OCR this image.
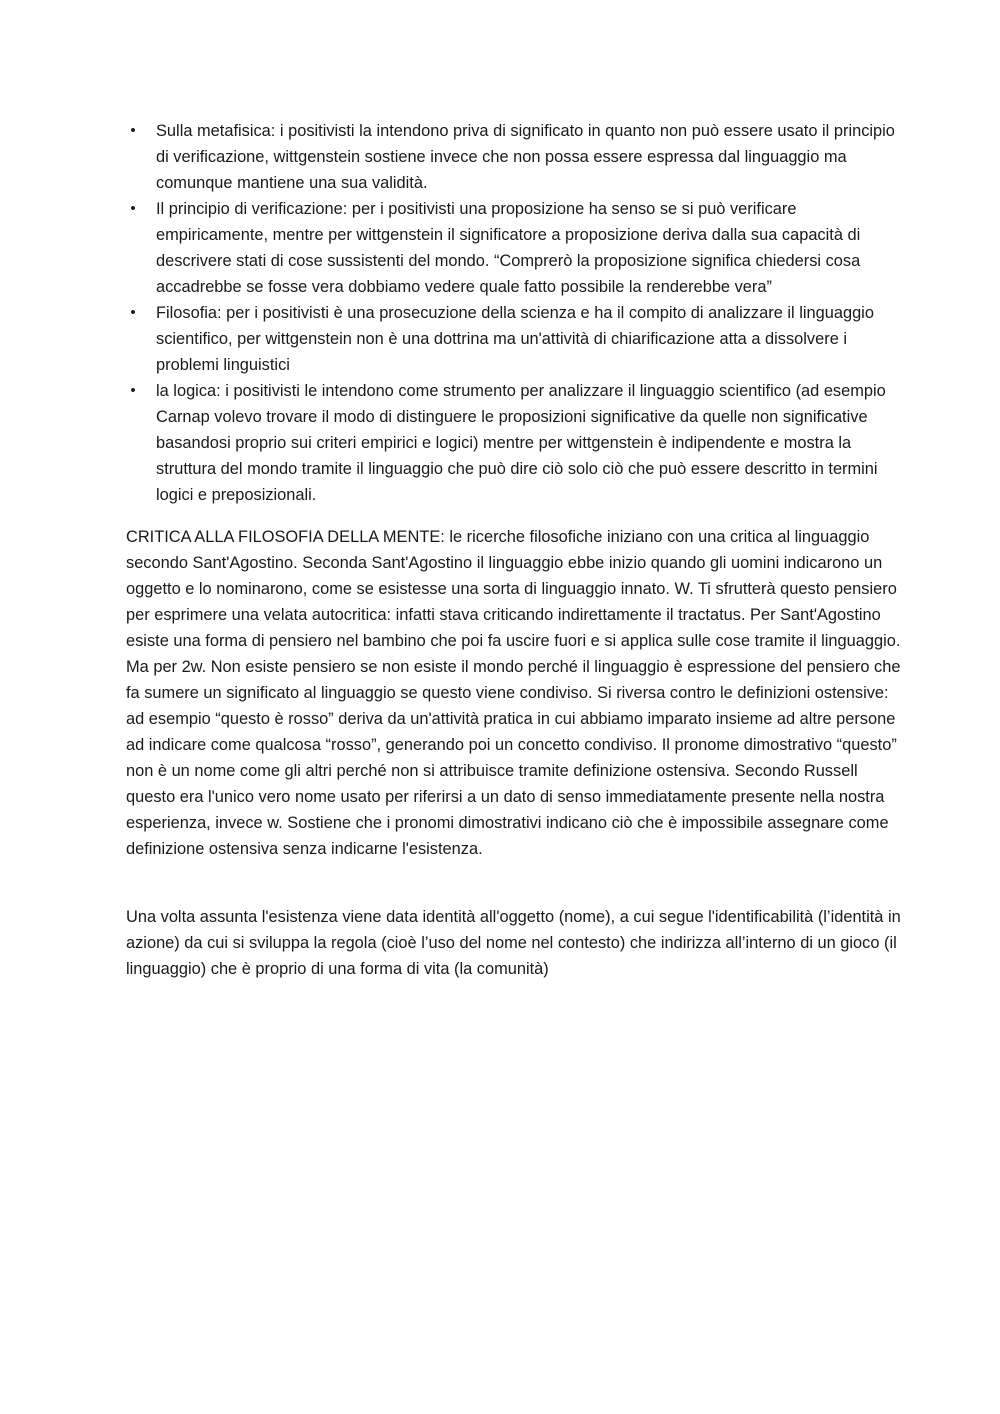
• Sulla metafisica: i positivisti la intendono priva di significato in quanto non può essere usato il principio di verificazione, wittgenstein sostiene invece che non possa essere espressa dal linguaggio ma comunque mantiene una sua validità.
• Il principio di verificazione: per i positivisti una proposizione ha senso se si può verificare empiricamente, mentre per wittgenstein il significatore a proposizione deriva dalla sua capacità di descrivere stati di cose sussistenti del mondo. “Comprerò la proposizione significa chiedersi cosa accadrebbe se fosse vera dobbiamo vedere quale fatto possibile la renderebbe vera”
• Filosofia: per i positivisti è una prosecuzione della scienza e ha il compito di analizzare il linguaggio scientifico, per wittgenstein non è una dottrina ma un'attività di chiarificazione atta a dissolvere i problemi linguistici
• la logica: i positivisti le intendono come strumento per analizzare il linguaggio scientifico (ad esempio Carnap volevo trovare il modo di distinguere le proposizioni significative da quelle non significative basandosi proprio sui criteri empirici e logici) mentre per wittgenstein è indipendente e mostra la struttura del mondo tramite il linguaggio che può dire ciò solo ciò che può essere descritto in termini logici e preposizionali.

CRITICA ALLA FILOSOFIA DELLA MENTE: le ricerche filosofiche iniziano con una critica al linguaggio secondo Sant'Agostino. Seconda Sant'Agostino il linguaggio ebbe inizio quando gli uomini indicarono un oggetto e lo nominarono, come se esistesse una sorta di linguaggio innato. W. Ti sfrutterà questo pensiero per esprimere una velata autocritica: infatti stava criticando indirettamente il tractatus. Per Sant'Agostino esiste una forma di pensiero nel bambino che poi fa uscire fuori e si applica sulle cose tramite il linguaggio. Ma per 2w. Non esiste pensiero se non esiste il mondo perché il linguaggio è espressione del pensiero che fa sumere un significato al linguaggio se questo viene condiviso. Si riversa contro le definizioni ostensive: ad esempio “questo è rosso” deriva da un'attività pratica in cui abbiamo imparato insieme ad altre persone ad indicare come qualcosa “rosso”, generando poi un concetto condiviso. Il pronome dimostrativo “questo” non è un nome come gli altri perché non si attribuisce tramite definizione ostensiva. Secondo Russell questo era l'unico vero nome usato per riferirsi a un dato di senso immediatamente presente nella nostra esperienza, invece w. Sostiene che i pronomi dimostrativi indicano ciò che è impossibile assegnare come definizione ostensiva senza indicarne l'esistenza.

Una volta assunta l'esistenza viene data identità all'oggetto (nome), a cui segue l'identificabilità (l’identità in azione) da cui si sviluppa la regola (cioè l’uso del nome nel contesto) che indirizza all’interno di un gioco (il linguaggio) che è proprio di una forma di vita (la comunità)
